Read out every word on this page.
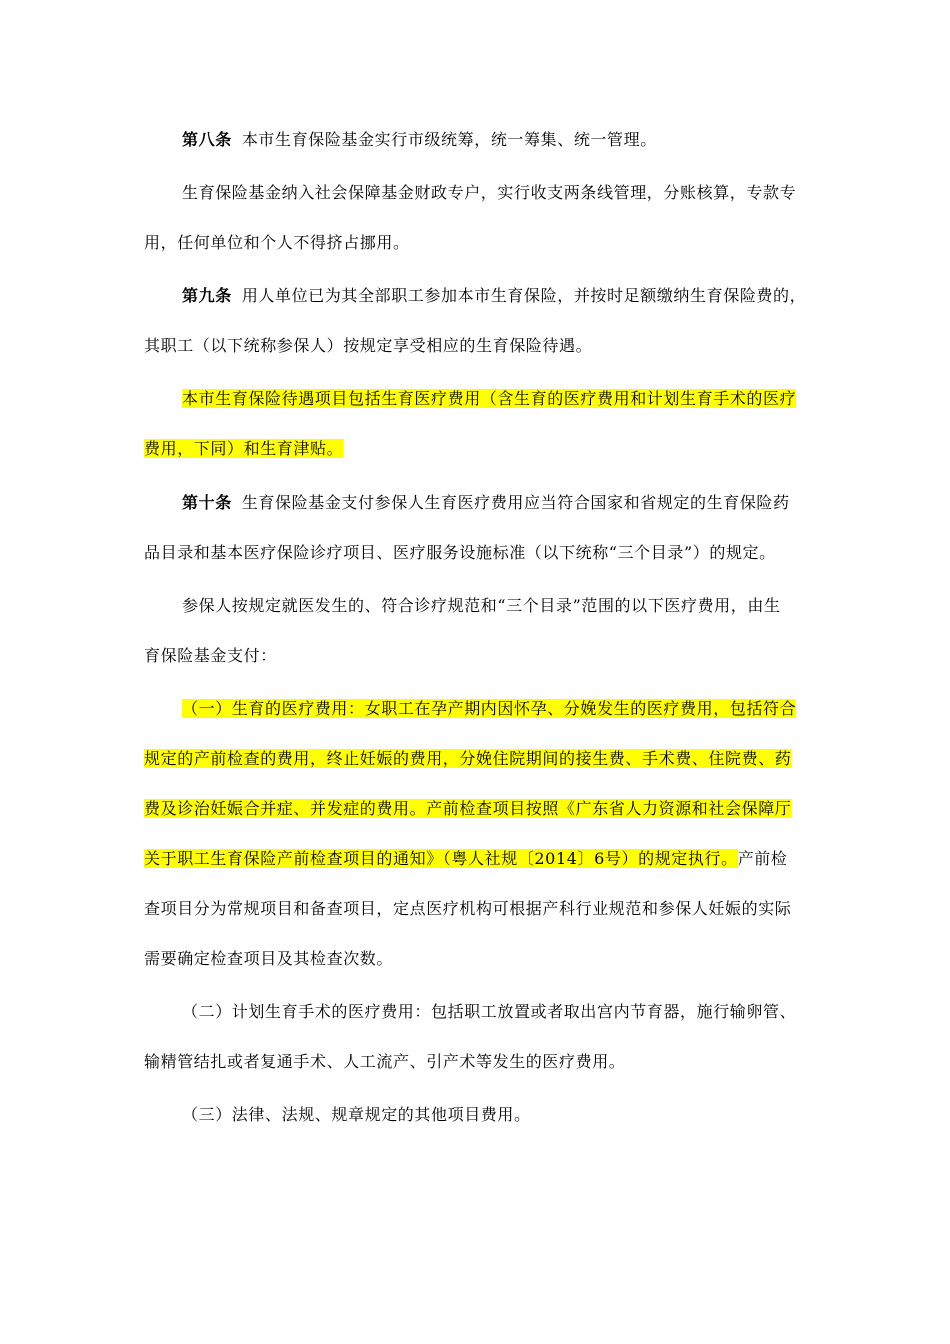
第八条 本市生育保险基金实行市级统筹，统一筹集、统一管理。
生育保险基金纳入社会保障基金财政专户，实行收支两条线管理，分账核算，专款专
用，任何单位和个人不得挤占挪用。
第九条 用人单位已为其全部职工参加本市生育保险，并按时足额缴纳生育保险费的，
其职工（以下统称参保人）按规定享受相应的生育保险待遇。
本市生育保险待遇项目包括生育医疗费用（含生育的医疗费用和计划生育手术的医疗
费用，下同）和生育津贴。
第十条 生育保险基金支付参保人生育医疗费用应当符合国家和省规定的生育保险药
品目录和基本医疗保险诊疗项目、医疗服务设施标准（以下统称“三个目录”）的规定。
参保人按规定就医发生的、符合诊疗规范和“三个目录”范围的以下医疗费用，由生
育保险基金支付：
（一）生育的医疗费用：女职工在孕产期内因怀孕、分娩发生的医疗费用，包括符合
规定的产前检查的费用，终止妊娠的费用，分娩住院期间的接生费、手术费、住院费、药
费及诊治妊娠合并症、并发症的费用。产前检查项目按照《广东省人力资源和社会保障厅
关于职工生育保险产前检查项目的通知》（粤人社规〔2014〕6号）的规定执行。产前检
查项目分为常规项目和备查项目，定点医疗机构可根据产科行业规范和参保人妊娠的实际
需要确定检查项目及其检查次数。
（二）计划生育手术的医疗费用：包括职工放置或者取出宫内节育器，施行输卵管、
输精管结扎或者复通手术、人工流产、引产术等发生的医疗费用。
（三）法律、法规、规章规定的其他项目费用。
